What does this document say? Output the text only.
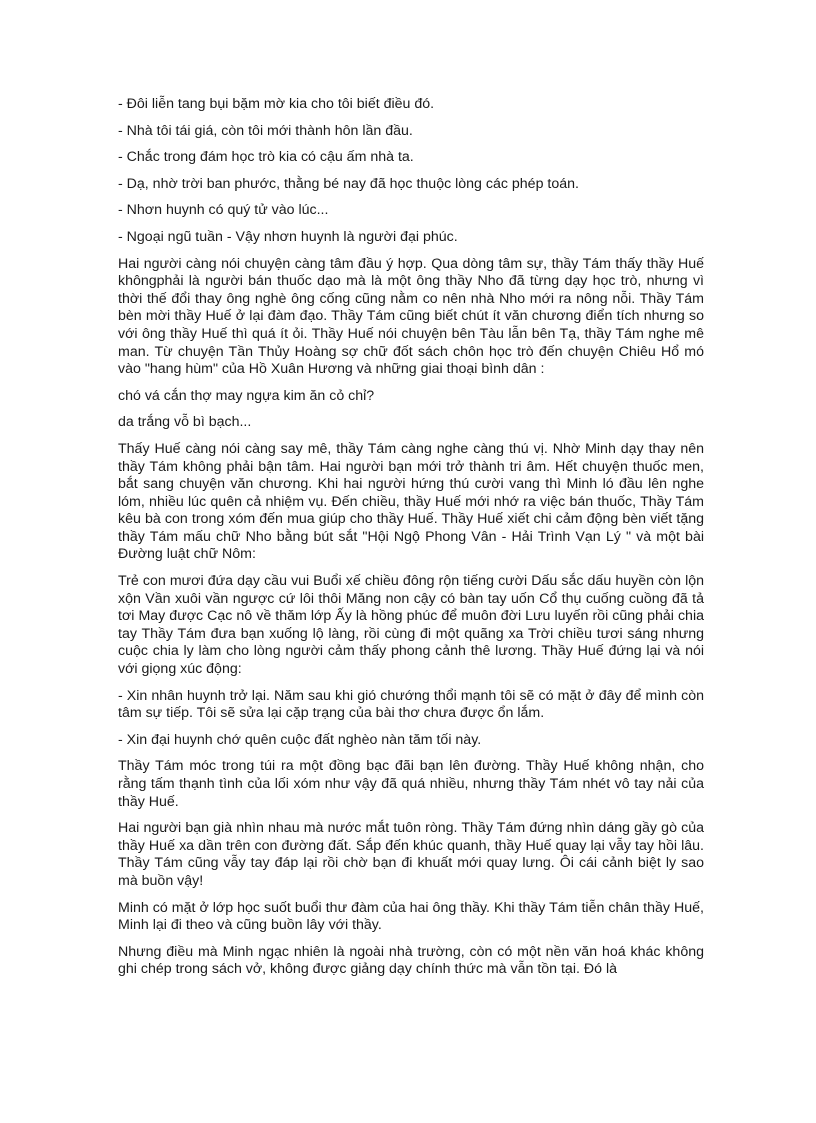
- Đôi liễn tang bụi bặm mờ kia cho tôi biết điều đó.

- Nhà tôi tái giá, còn tôi mới thành hôn lần đầu.

- Chắc trong đám học trò kia có cậu ấm nhà ta.

- Dạ, nhờ trời ban phước, thằng bé nay đã học thuộc lòng các phép toán.

- Nhơn huynh có quý tử vào lúc...

- Ngoại ngũ tuần - Vậy nhơn huynh là người đại phúc.

Hai người càng nói chuyện càng tâm đầu ý hợp. Qua dòng tâm sự, thầy Tám thấy thầy Huế khôngphải là người bán thuốc dạo mà là một ông thầy Nho đã từng dạy học trò, nhưng vì thời thế đổi thay ông nghè ông cống cũng nằm co nên nhà Nho mới ra nông nỗi. Thầy Tám bèn mời thầy Huế ở lại đàm đạo. Thầy Tám cũng biết chút ít văn chương điển tích nhưng so với ông thầy Huế thì quá ít ỏi. Thầy Huế nói chuyện bên Tàu lẫn bên Tạ, thầy Tám nghe mê man. Từ chuyện Tần Thủy Hoàng sợ chữ đốt sách chôn học trò đến chuyện Chiêu Hổ mó vào "hang hùm" của Hồ Xuân Hương và những giai thoại bình dân :

chó vá cắn thợ may ngựa kim ăn cỏ chỉ?

da trắng vỗ bì bạch...

Thấy Huế càng nói càng say mê, thầy Tám càng nghe càng thú vị. Nhờ Minh dạy thay nên thầy Tám không phải bận tâm. Hai người bạn mới trở thành tri âm. Hết chuyện thuốc men, bắt sang chuyện văn chương. Khi hai người hứng thú cười vang thì Minh ló đầu lên nghe lóm, nhiều lúc quên cả nhiệm vụ. Đến chiều, thầy Huế mới nhớ ra việc bán thuốc, Thầy Tám kêu bà con trong xóm đến mua giúp cho thầy Huế. Thầy Huế xiết chi cảm động bèn viết tặng thầy Tám mấu chữ Nho bằng bút sắt "Hội Ngộ Phong Vân - Hải Trình Vạn Lý " và một bài Đường luật chữ Nôm:

Trẻ con mươi đứa dạy cầu vui Buổi xế chiều đông rộn tiếng cười Dấu sắc dấu huyền còn lộn xộn Vần xuôi vần ngược cứ lôi thôi Măng non cậy có bàn tay uốn Cổ thụ cuống cuồng đã tả tơi May được Cạc nô về thăm lớp Ấy là hồng phúc để muôn đời Lưu luyến rồi cũng phải chia tay Thầy Tám đưa bạn xuống lộ làng, rồi cùng đi một quãng xa Trời chiều tươi sáng nhưng cuộc chia ly làm cho lòng người cảm thấy phong cảnh thê lương. Thầy Huế đứng lại và nói với giọng xúc động:

- Xin nhân huynh trở lại. Năm sau khi gió chướng thổi mạnh tôi sẽ có mặt ở đây để mình còn tâm sự tiếp. Tôi sẽ sửa lại cặp trạng của bài thơ chưa được ổn lắm.

- Xin đại huynh chớ quên cuộc đất nghèo nàn tăm tối này.

Thầy Tám móc trong túi ra một đồng bạc đãi bạn lên đường. Thầy Huế không nhận, cho rằng tấm thạnh tình của lối xóm như vậy đã quá nhiều, nhưng thầy Tám nhét vô tay nải của thầy Huế.

Hai người bạn già nhìn nhau mà nước mắt tuôn ròng. Thầy Tám đứng nhìn dáng gầy gò của thầy Huế xa dần trên con đường đất. Sắp đến khúc quanh, thầy Huế quay lại vẫy tay hồi lâu. Thầy Tám cũng vẫy tay đáp lại rồi chờ bạn đi khuất mới quay lưng. Ôi cái cảnh biệt ly sao mà buồn vậy!

Minh có mặt ở lớp học suốt buổi thư đàm của hai ông thầy. Khi thầy Tám tiễn chân thầy Huế, Minh lại đi theo và cũng buồn lây với thầy.

Nhưng điều mà Minh ngạc nhiên là ngoài nhà trường, còn có một nền văn hoá khác không ghi chép trong sách vở, không được giảng dạy chính thức mà vẫn tồn tại. Đó là
